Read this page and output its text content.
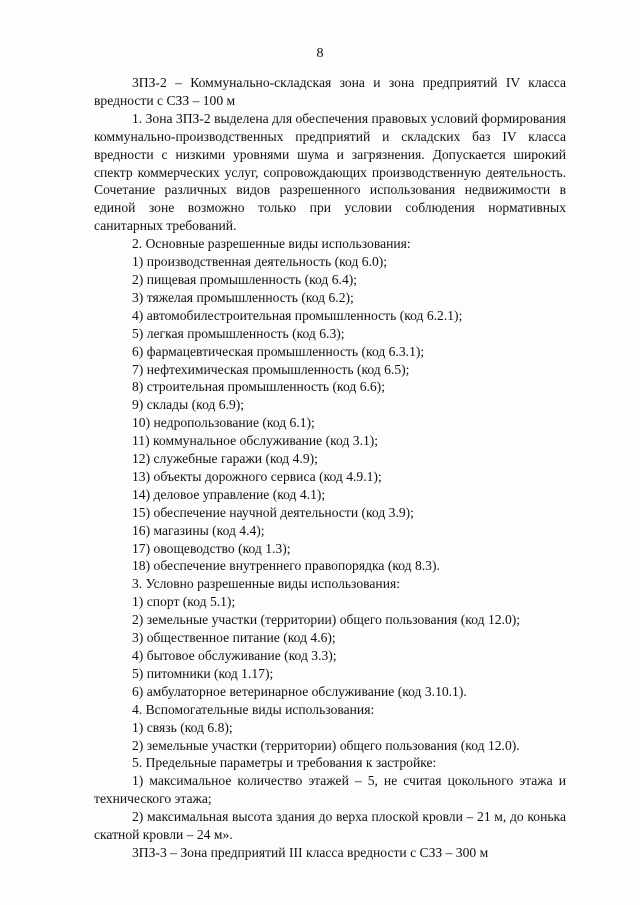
8

3ПЗ-2 – Коммунально-складская зона и зона предприятий IV класса вредности с СЗЗ – 100 м

1. Зона 3ПЗ-2 выделена для обеспечения правовых условий формирования коммунально-производственных предприятий и складских баз IV класса вредности с низкими уровнями шума и загрязнения. Допускается широкий спектр коммерческих услуг, сопровождающих производственную деятельность. Сочетание различных видов разрешенного использования недвижимости в единой зоне возможно только при условии соблюдения нормативных санитарных требований.

2. Основные разрешенные виды использования:

1) производственная деятельность (код 6.0);
2) пищевая промышленность (код 6.4);
3) тяжелая промышленность (код 6.2);
4) автомобилестроительная промышленность (код 6.2.1);
5) легкая промышленность (код 6.3);
6) фармацевтическая промышленность (код 6.3.1);
7) нефтехимическая промышленность (код 6.5);
8) строительная промышленность (код 6.6);
9) склады (код 6.9);
10) недропользование (код 6.1);
11) коммунальное обслуживание (код 3.1);
12) служебные гаражи (код 4.9);
13) объекты дорожного сервиса (код 4.9.1);
14) деловое управление (код 4.1);
15) обеспечение научной деятельности (код 3.9);
16) магазины (код 4.4);
17) овощеводство (код 1.3);
18) обеспечение внутреннего правопорядка (код 8.3).

3. Условно разрешенные виды использования:

1) спорт (код 5.1);
2) земельные участки (территории) общего пользования (код 12.0);
3) общественное питание (код 4.6);
4) бытовое обслуживание (код 3.3);
5) питомники (код 1.17);
6) амбулаторное ветеринарное обслуживание (код 3.10.1).

4. Вспомогательные виды использования:

1) связь (код 6.8);
2) земельные участки (территории) общего пользования (код 12.0).

5. Предельные параметры и требования к застройке:

1) максимальное количество этажей – 5, не считая цокольного этажа и технического этажа;

2) максимальная высота здания до верха плоской кровли – 21 м, до конька скатной кровли – 24 м».

3ПЗ-3 – Зона предприятий III класса вредности с СЗЗ – 300 м
